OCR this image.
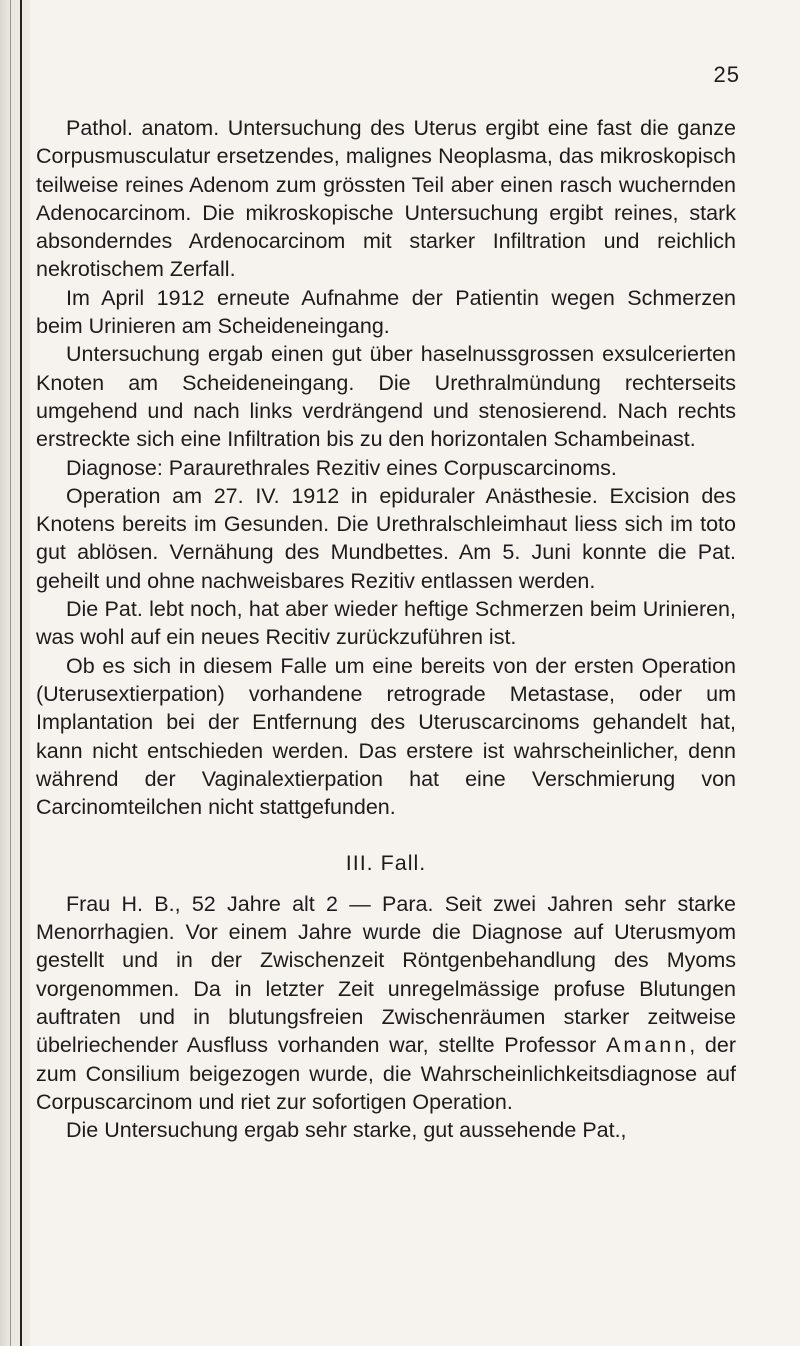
25

Pathol. anatom. Untersuchung des Uterus ergibt eine fast die ganze Corpusmusculatur ersetzendes, malignes Neoplasma, das mikroskopisch teilweise reines Adenom zum grössten Teil aber einen rasch wuchernden Adenocarcinom. Die mikroskopische Untersuchung ergibt reines, stark absonderndes Ardenocarcinom mit starker Infiltration und reichlich nekrotischem Zerfall.

Im April 1912 erneute Aufnahme der Patientin wegen Schmerzen beim Urinieren am Scheideneingang.

Untersuchung ergab einen gut über haselnussgrossen exsulcerierten Knoten am Scheideneingang. Die Urethralmündung rechterseits umgehend und nach links verdrängend und stenosierend. Nach rechts erstreckte sich eine Infiltration bis zu den horizontalen Schambeinast.

Diagnose: Paraurethrales Rezitiv eines Corpuscarcinoms.

Operation am 27. IV. 1912 in epiduraler Anästhesie. Excision des Knotens bereits im Gesunden. Die Urethralschleimhaut liess sich im toto gut ablösen. Vernähung des Mundbettes. Am 5. Juni konnte die Pat. geheilt und ohne nachweisbares Rezitiv entlassen werden.

Die Pat. lebt noch, hat aber wieder heftige Schmerzen beim Urinieren, was wohl auf ein neues Recitiv zurückzuführen ist.

Ob es sich in diesem Falle um eine bereits von der ersten Operation (Uterusextierpation) vorhandene retrograde Metastase, oder um Implantation bei der Entfernung des Uteruscarcinoms gehandelt hat, kann nicht entschieden werden. Das erstere ist wahrscheinlicher, denn während der Vaginalextierpation hat eine Verschmierung von Carcinomteilchen nicht stattgefunden.

III. Fall.

Frau H. B., 52 Jahre alt 2 — Para. Seit zwei Jahren sehr starke Menorrhagien. Vor einem Jahre wurde die Diagnose auf Uterusmyom gestellt und in der Zwischenzeit Röntgenbehandlung des Myoms vorgenommen. Da in letzter Zeit unregelmässige profuse Blutungen auftraten und in blutungsfreien Zwischenräumen starker zeitweise übelriechender Ausfluss vorhanden war, stellte Professor Amann, der zum Consilium beigezogen wurde, die Wahrscheinlichkeitsdiagnose auf Corpuscarcinom und riet zur sofortigen Operation.

Die Untersuchung ergab sehr starke, gut aussehende Pat.,
